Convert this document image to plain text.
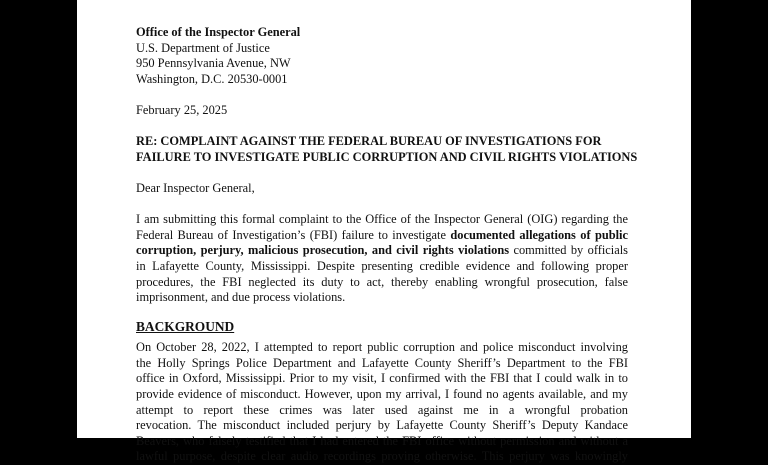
Office of the Inspector General
U.S. Department of Justice
950 Pennsylvania Avenue, NW
Washington, D.C. 20530-0001
February 25, 2025
RE: COMPLAINT AGAINST THE FEDERAL BUREAU OF INVESTIGATIONS FOR
FAILURE TO INVESTIGATE PUBLIC CORRUPTION AND CIVIL RIGHTS VIOLATIONS
Dear Inspector General,
I am submitting this formal complaint to the Office of the Inspector General (OIG) regarding the
Federal Bureau of Investigation’s (FBI) failure to investigate documented allegations of public
corruption, perjury, malicious prosecution, and civil rights violations committed by officials
in Lafayette County, Mississippi. Despite presenting credible evidence and following proper
procedures, the FBI neglected its duty to act, thereby enabling wrongful prosecution, false
imprisonment, and due process violations.
BACKGROUND
On October 28, 2022, I attempted to report public corruption and police misconduct involving
the Holly Springs Police Department and Lafayette County Sheriff’s Department to the FBI
office in Oxford, Mississippi. Prior to my visit, I confirmed with the FBI that I could walk in to
provide evidence of misconduct. However, upon my arrival, I found no agents available, and my
attempt to report these crimes was later used against me in a wrongful probation
revocation. The misconduct included perjury by Lafayette County Sheriff’s Deputy Kandace
Beavers, who falsely testified that I had entered the FBI office without permission and without a
lawful purpose, despite clear audio recordings proving otherwise. This perjury was knowingly
